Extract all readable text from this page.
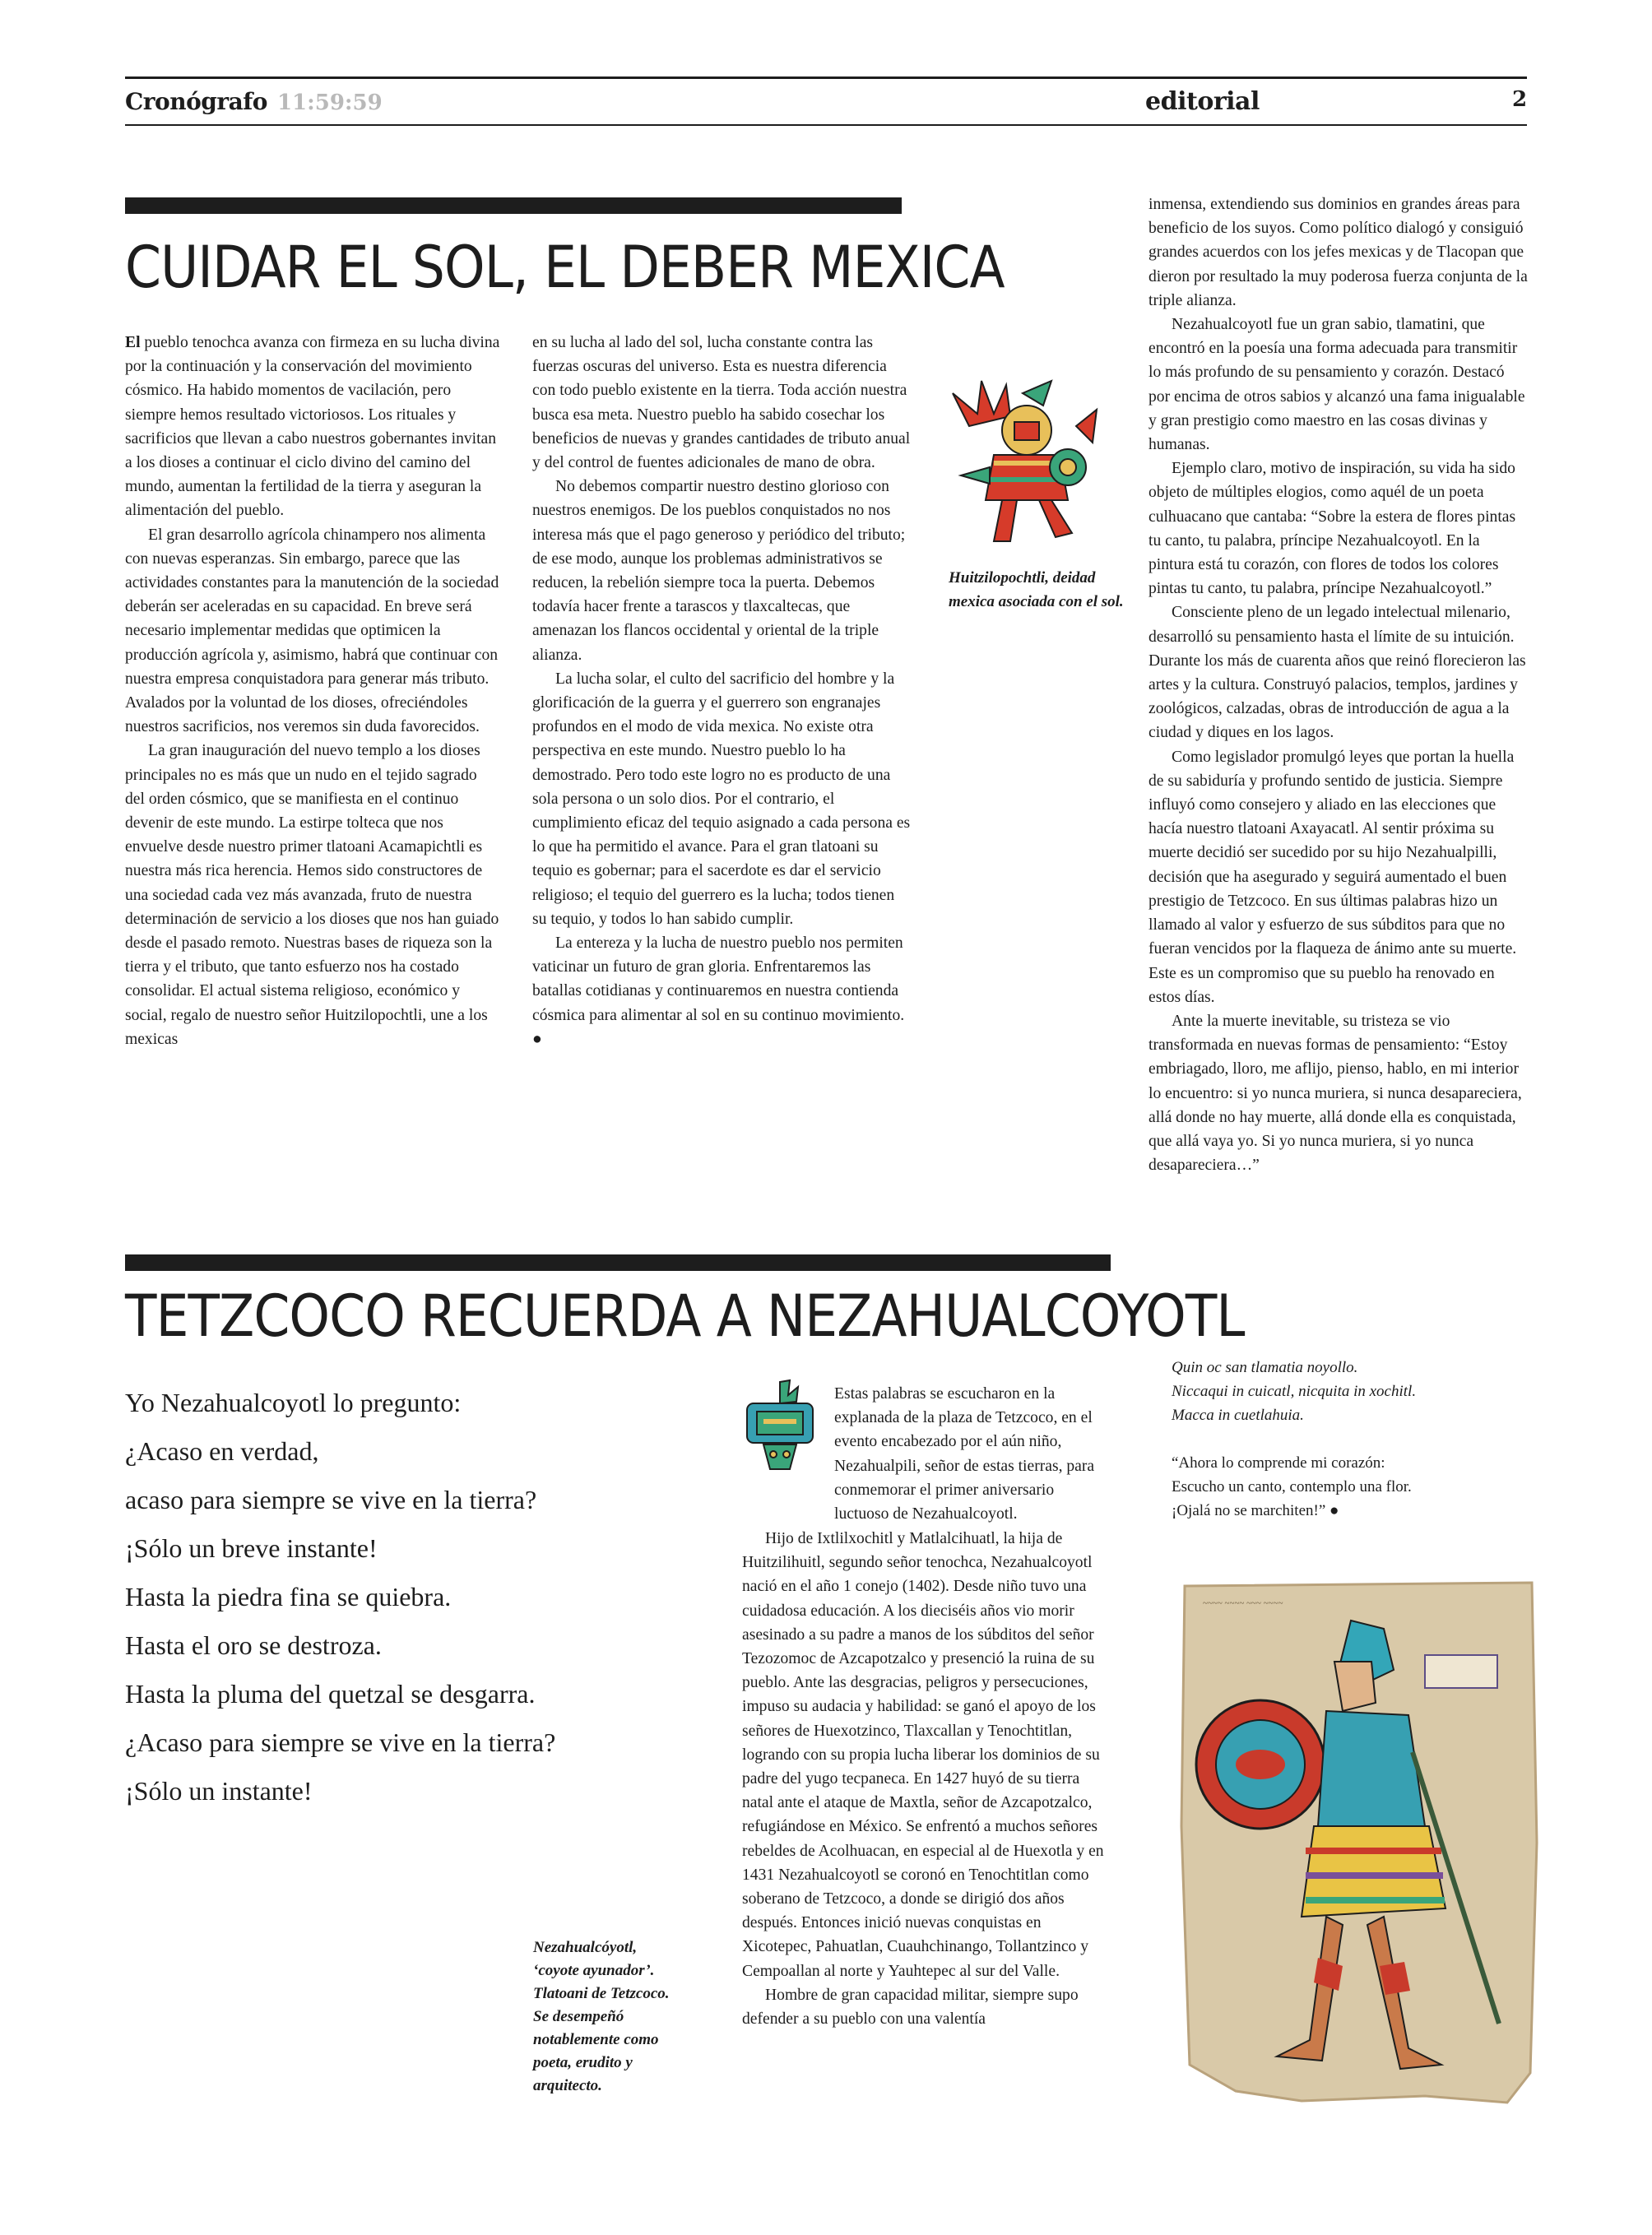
Cronógrafo 11:59:59	editorial	2
CUIDAR EL SOL, EL DEBER MEXICA

El pueblo tenochca avanza con firmeza en su lucha divina por la continuación y la conservación del movimiento cósmico. Ha habido momentos de vacilación, pero siempre hemos resultado victoriosos. Los rituales y sacrificios que llevan a cabo nuestros gobernantes invitan a los dioses a continuar el ciclo divino del camino del mundo, aumentan la fertilidad de la tierra y aseguran la alimentación del pueblo.

El gran desarrollo agrícola chinampero nos alimenta con nuevas esperanzas. Sin embargo, parece que las actividades constantes para la manutención de la sociedad deberán ser aceleradas en su capacidad. En breve será necesario implementar medidas que optimicen la producción agrícola y, asimismo, habrá que continuar con nuestra empresa conquistadora para generar más tributo. Avalados por la voluntad de los dioses, ofreciéndoles nuestros sacrificios, nos veremos sin duda favorecidos.

La gran inauguración del nuevo templo a los dioses principales no es más que un nudo en el tejido sagrado del orden cósmico, que se manifiesta en el continuo devenir de este mundo. La estirpe tolteca que nos envuelve desde nuestro primer tlatoani Acamapichtli es nuestra más rica herencia. Hemos sido constructores de una sociedad cada vez más avanzada, fruto de nuestra determinación de servicio a los dioses que nos han guiado desde el pasado remoto. Nuestras bases de riqueza son la tierra y el tributo, que tanto esfuerzo nos ha costado consolidar. El actual sistema religioso, económico y social, regalo de nuestro señor Huitzilopochtli, une a los mexicas

en su lucha al lado del sol, lucha constante contra las fuerzas oscuras del universo. Esta es nuestra diferencia con todo pueblo existente en la tierra. Toda acción nuestra busca esa meta. Nuestro pueblo ha sabido cosechar los beneficios de nuevas y grandes cantidades de tributo anual y del control de fuentes adicionales de mano de obra.

No debemos compartir nuestro destino glorioso con nuestros enemigos. De los pueblos conquistados no nos interesa más que el pago generoso y periódico del tributo; de ese modo, aunque los problemas administrativos se reducen, la rebelión siempre toca la puerta. Debemos todavía hacer frente a tarascos y tlaxcaltecas, que amenazan los flancos occidental y oriental de la triple alianza.

La lucha solar, el culto del sacrificio del hombre y la glorificación de la guerra y el guerrero son engranajes profundos en el modo de vida mexica. No existe otra perspectiva en este mundo. Nuestro pueblo lo ha demostrado. Pero todo este logro no es producto de una sola persona o un solo dios. Por el contrario, el cumplimiento eficaz del tequio asignado a cada persona es lo que ha permitido el avance. Para el gran tlatoani su tequio es gobernar; para el sacerdote es dar el servicio religioso; el tequio del guerrero es la lucha; todos tienen su tequio, y todos lo han sabido cumplir.

La entereza y la lucha de nuestro pueblo nos permiten vaticinar un futuro de gran gloria. Enfrentaremos las batallas cotidianas y continuaremos en nuestra contienda cósmica para alimentar al sol en su continuo movimiento. ●

Huitzilopochtli, deidad mexica asociada con el sol.

inmensa, extendiendo sus dominios en grandes áreas para beneficio de los suyos. Como político dialogó y consiguió grandes acuerdos con los jefes mexicas y de Tlacopan que dieron por resultado la muy poderosa fuerza conjunta de la triple alianza.

Nezahualcoyotl fue un gran sabio, tlamatini, que encontró en la poesía una forma adecuada para transmitir lo más profundo de su pensamiento y corazón. Destacó por encima de otros sabios y alcanzó una fama inigualable y gran prestigio como maestro en las cosas divinas y humanas.

Ejemplo claro, motivo de inspiración, su vida ha sido objeto de múltiples elogios, como aquél de un poeta culhuacano que cantaba: “Sobre la estera de flores pintas tu canto, tu palabra, príncipe Nezahualcoyotl. En la pintura está tu corazón, con flores de todos los colores pintas tu canto, tu palabra, príncipe Nezahualcoyotl.”

Consciente pleno de un legado intelectual milenario, desarrolló su pensamiento hasta el límite de su intuición. Durante los más de cuarenta años que reinó florecieron las artes y la cultura. Construyó palacios, templos, jardines y zoológicos, calzadas, obras de introducción de agua a la ciudad y diques en los lagos.

Como legislador promulgó leyes que portan la huella de su sabiduría y profundo sentido de justicia. Siempre influyó como consejero y aliado en las elecciones que hacía nuestro tlatoani Axayacatl. Al sentir próxima su muerte decidió ser sucedido por su hijo Nezahualpilli, decisión que ha asegurado y seguirá aumentado el buen prestigio de Tetzcoco. En sus últimas palabras hizo un llamado al valor y esfuerzo de sus súbditos para que no fueran vencidos por la flaqueza de ánimo ante su muerte. Este es un compromiso que su pueblo ha renovado en estos días.

Ante la muerte inevitable, su tristeza se vio transformada en nuevas formas de pensamiento: “Estoy embriagado, lloro, me aflijo, pienso, hablo, en mi interior lo encuentro: si yo nunca muriera, si nunca desapareciera, allá donde no hay muerte, allá donde ella es conquistada, que allá vaya yo. Si yo nunca muriera, si yo nunca desapareciera…”

Quin oc san tlamatia noyollo.
Niccaqui in cuicatl, nicquita in xochitl.
Macca in cuetlahuia.
“Ahora lo comprende mi corazón:
Escucho un canto, contemplo una flor.
¡Ojalá no se marchiten!” ●
~~~~ ~~~~ ~~~ ~~~~
TETZCOCO RECUERDA A NEZAHUALCOYOTL
Yo Nezahualcoyotl lo pregunto:
¿Acaso en verdad,
acaso para siempre se vive en la tierra?
¡Sólo un breve instante!
Hasta la piedra fina se quiebra.
Hasta el oro se destroza.
Hasta la pluma del quetzal se desgarra.
¿Acaso para siempre se vive en la tierra?
¡Sólo un instante!
Nezahualcóyotl, ‘coyote ayunador’. Tlatoani de Tetzcoco. Se desempeñó notablemente como poeta, erudito y arquitecto.
Estas palabras se escucharon en la explanada de la plaza de Tetzcoco, en el evento encabezado por el aún niño, Nezahualpili, señor de estas tierras, para conmemorar el primer aniversario luctuoso de Nezahualcoyotl.

Hijo de Ixtlilxochitl y Matlalcihuatl, la hija de Huitzilihuitl, segundo señor tenochca, Nezahualcoyotl nació en el año 1 conejo (1402). Desde niño tuvo una cuidadosa educación. A los dieciséis años vio morir asesinado a su padre a manos de los súbditos del señor Tezozomoc de Azcapotzalco y presenció la ruina de su pueblo. Ante las desgracias, peligros y persecuciones, impuso su audacia y habilidad: se ganó el apoyo de los señores de Huexotzinco, Tlaxcallan y Tenochtitlan, logrando con su propia lucha liberar los dominios de su padre del yugo tecpaneca. En 1427 huyó de su tierra natal ante el ataque de Maxtla, señor de Azcapotzalco, refugiándose en México. Se enfrentó a muchos señores rebeldes de Acolhuacan, en especial al de Huexotla y en 1431 Nezahualcoyotl se coronó en Tenochtitlan como soberano de Tetzcoco, a donde se dirigió dos años después. Entonces inició nuevas conquistas en Xicotepec, Pahuatlan, Cuauhchinango, Tollantzinco y Cempoallan al norte y Yauhtepec al sur del Valle.

Hombre de gran capacidad militar, siempre supo defender a su pueblo con una valentía
